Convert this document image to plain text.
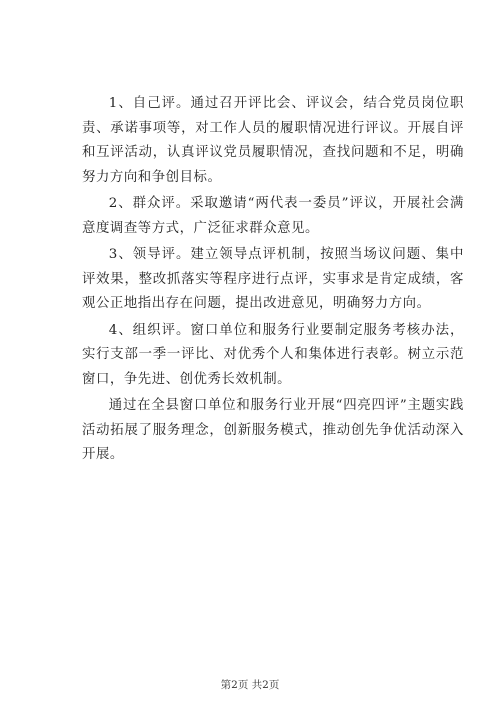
1、自己评。通过召开评比会、评议会，结合党员岗位职责、承诺事项等，对工作人员的履职情况进行评议。开展自评和互评活动，认真评议党员履职情况，查找问题和不足，明确努力方向和争创目标。

2、群众评。采取邀请“两代表一委员”评议，开展社会满意度调查等方式，广泛征求群众意见。

3、领导评。建立领导点评机制，按照当场议问题、集中评效果，整改抓落实等程序进行点评，实事求是肯定成绩，客观公正地指出存在问题，提出改进意见，明确努力方向。

4、组织评。窗口单位和服务行业要制定服务考核办法，实行支部一季一评比、对优秀个人和集体进行表彰。树立示范窗口，争先进、创优秀长效机制。

通过在全县窗口单位和服务行业开展“四亮四评”主题实践活动拓展了服务理念，创新服务模式，推动创先争优活动深入开展。

第2页 共2页
